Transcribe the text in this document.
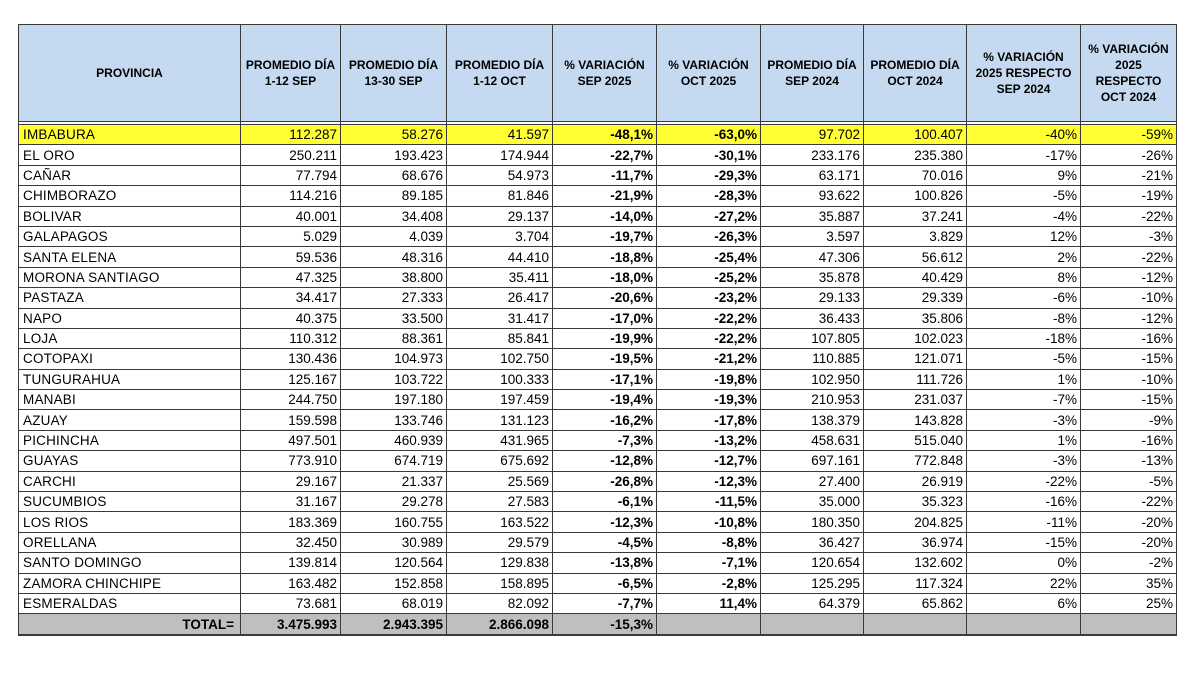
PROVINCIA	PROMEDIO DÍA 1-12 SEP	PROMEDIO DÍA 13-30 SEP	PROMEDIO DÍA 1-12 OCT	% VARIACIÓN SEP 2025	% VARIACIÓN OCT 2025	PROMEDIO DÍA SEP 2024	PROMEDIO DÍA OCT 2024	% VARIACIÓN 2025 RESPECTO SEP 2024	% VARIACIÓN 2025 RESPECTO OCT 2024

IMBABURA	112.287	58.276	41.597	-48,1%	-63,0%	97.702	100.407	-40%	-59%
EL ORO	250.211	193.423	174.944	-22,7%	-30,1%	233.176	235.380	-17%	-26%
CAÑAR	77.794	68.676	54.973	-11,7%	-29,3%	63.171	70.016	9%	-21%
CHIMBORAZO	114.216	89.185	81.846	-21,9%	-28,3%	93.622	100.826	-5%	-19%
BOLIVAR	40.001	34.408	29.137	-14,0%	-27,2%	35.887	37.241	-4%	-22%
GALAPAGOS	5.029	4.039	3.704	-19,7%	-26,3%	3.597	3.829	12%	-3%
SANTA ELENA	59.536	48.316	44.410	-18,8%	-25,4%	47.306	56.612	2%	-22%
MORONA SANTIAGO	47.325	38.800	35.411	-18,0%	-25,2%	35.878	40.429	8%	-12%
PASTAZA	34.417	27.333	26.417	-20,6%	-23,2%	29.133	29.339	-6%	-10%
NAPO	40.375	33.500	31.417	-17,0%	-22,2%	36.433	35.806	-8%	-12%
LOJA	110.312	88.361	85.841	-19,9%	-22,2%	107.805	102.023	-18%	-16%
COTOPAXI	130.436	104.973	102.750	-19,5%	-21,2%	110.885	121.071	-5%	-15%
TUNGURAHUA	125.167	103.722	100.333	-17,1%	-19,8%	102.950	111.726	1%	-10%
MANABI	244.750	197.180	197.459	-19,4%	-19,3%	210.953	231.037	-7%	-15%
AZUAY	159.598	133.746	131.123	-16,2%	-17,8%	138.379	143.828	-3%	-9%
PICHINCHA	497.501	460.939	431.965	-7,3%	-13,2%	458.631	515.040	1%	-16%
GUAYAS	773.910	674.719	675.692	-12,8%	-12,7%	697.161	772.848	-3%	-13%
CARCHI	29.167	21.337	25.569	-26,8%	-12,3%	27.400	26.919	-22%	-5%
SUCUMBIOS	31.167	29.278	27.583	-6,1%	-11,5%	35.000	35.323	-16%	-22%
LOS RIOS	183.369	160.755	163.522	-12,3%	-10,8%	180.350	204.825	-11%	-20%
ORELLANA	32.450	30.989	29.579	-4,5%	-8,8%	36.427	36.974	-15%	-20%
SANTO DOMINGO	139.814	120.564	129.838	-13,8%	-7,1%	120.654	132.602	0%	-2%
ZAMORA CHINCHIPE	163.482	152.858	158.895	-6,5%	-2,8%	125.295	117.324	22%	35%
ESMERALDAS	73.681	68.019	82.092	-7,7%	11,4%	64.379	65.862	6%	25%
TOTAL=	3.475.993	2.943.395	2.866.098	-15,3%					
